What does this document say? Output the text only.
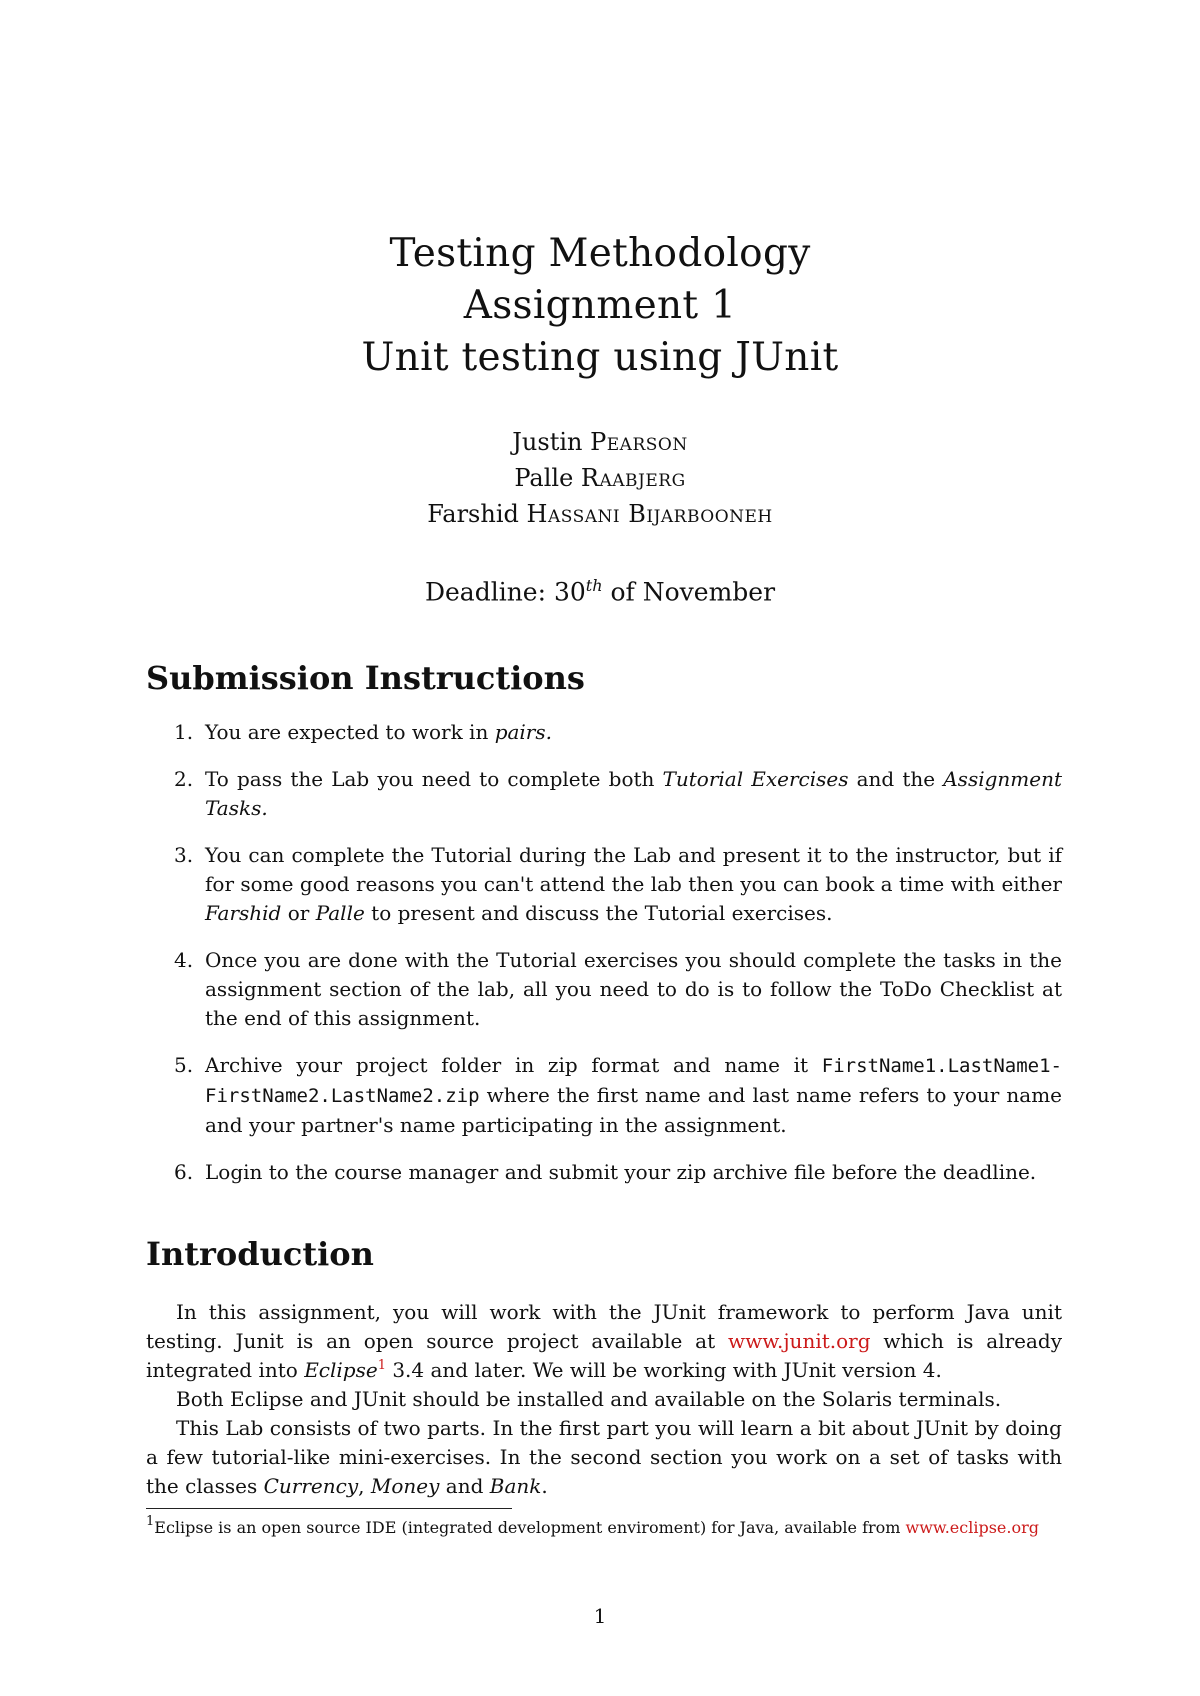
Testing Methodology
Assignment 1
Unit testing using JUnit
Justin Pearson
Palle Raabjerg
Farshid Hassani Bijarbooneh
Deadline: 30th of November
Submission Instructions
1. You are expected to work in pairs.
2. To pass the Lab you need to complete both Tutorial Exercises and the Assignment Tasks.
3. You can complete the Tutorial during the Lab and present it to the instructor, but if for some good reasons you can't attend the lab then you can book a time with either Farshid or Palle to present and discuss the Tutorial exercises.
4. Once you are done with the Tutorial exercises you should complete the tasks in the assignment section of the lab, all you need to do is to follow the ToDo Checklist at the end of this assignment.
5. Archive your project folder in zip format and name it FirstName1.LastName1-FirstName2.LastName2.zip where the first name and last name refers to your name and your partner's name participating in the assignment.
6. Login to the course manager and submit your zip archive file before the deadline.
Introduction

In this assignment, you will work with the JUnit framework to perform Java unit testing. Junit is an open source project available at www.junit.org which is already integrated into Eclipse$^1$ 3.4 and later. We will be working with JUnit version 4.

Both Eclipse and JUnit should be installed and available on the Solaris terminals.

This Lab consists of two parts. In the first part you will learn a bit about JUnit by doing a few tutorial-like mini-exercises. In the second section you work on a set of tasks with the classes Currency, Money and Bank.

$^1$Eclipse is an open source IDE (integrated development enviroment) for Java, available from www.eclipse.org
1
